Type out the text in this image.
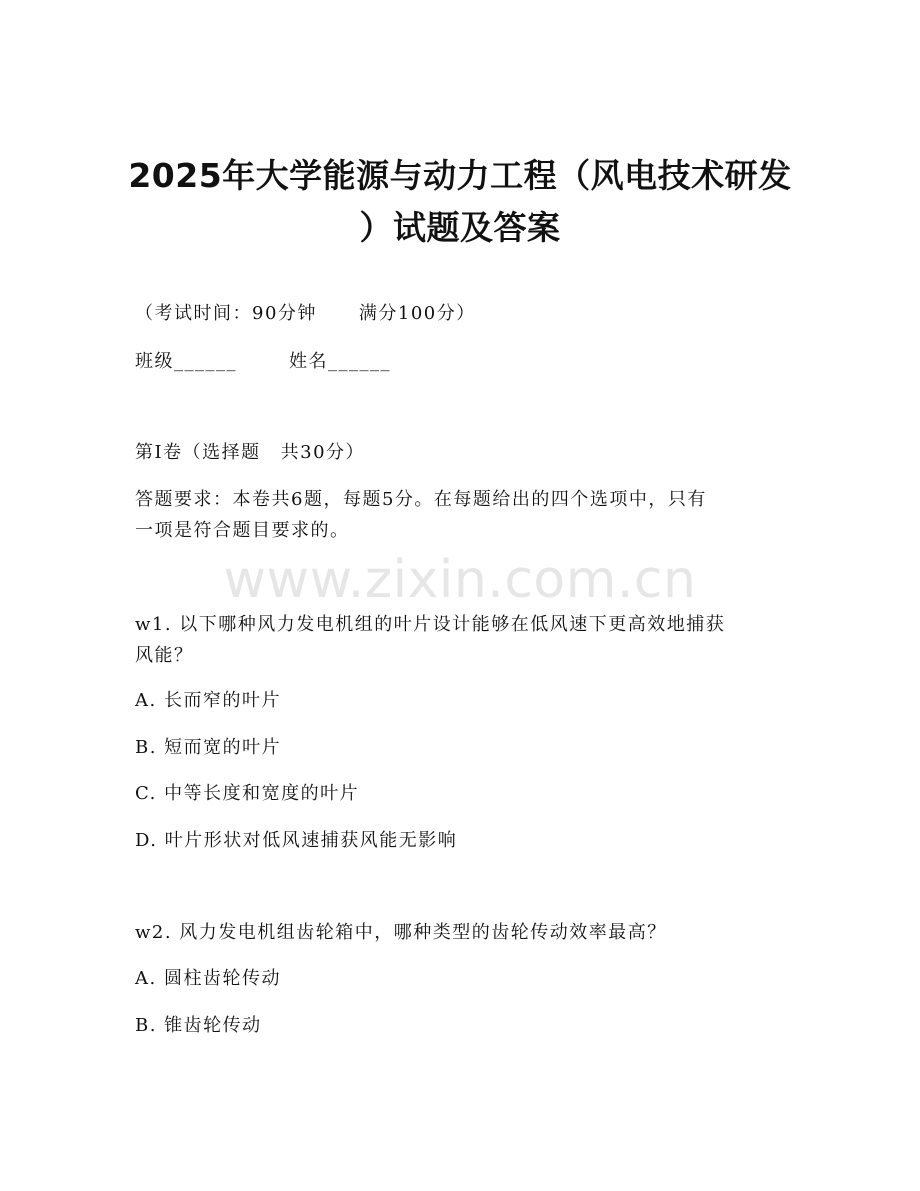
2025年大学能源与动力工程（风电技术研发
）试题及答案
（考试时间：90分钟 满分100分）
班级______	姓名______
第I卷（选择题 共30分）
答题要求：本卷共6题，每题5分。在每题给出的四个选项中，只有
一项是符合题目要求的。
www.zixin.com.cn
w1. 以下哪种风力发电机组的叶片设计能够在低风速下更高效地捕获
风能？
A. 长而窄的叶片
B. 短而宽的叶片
C. 中等长度和宽度的叶片
D. 叶片形状对低风速捕获风能无影响
w2. 风力发电机组齿轮箱中，哪种类型的齿轮传动效率最高？
A. 圆柱齿轮传动
B. 锥齿轮传动
